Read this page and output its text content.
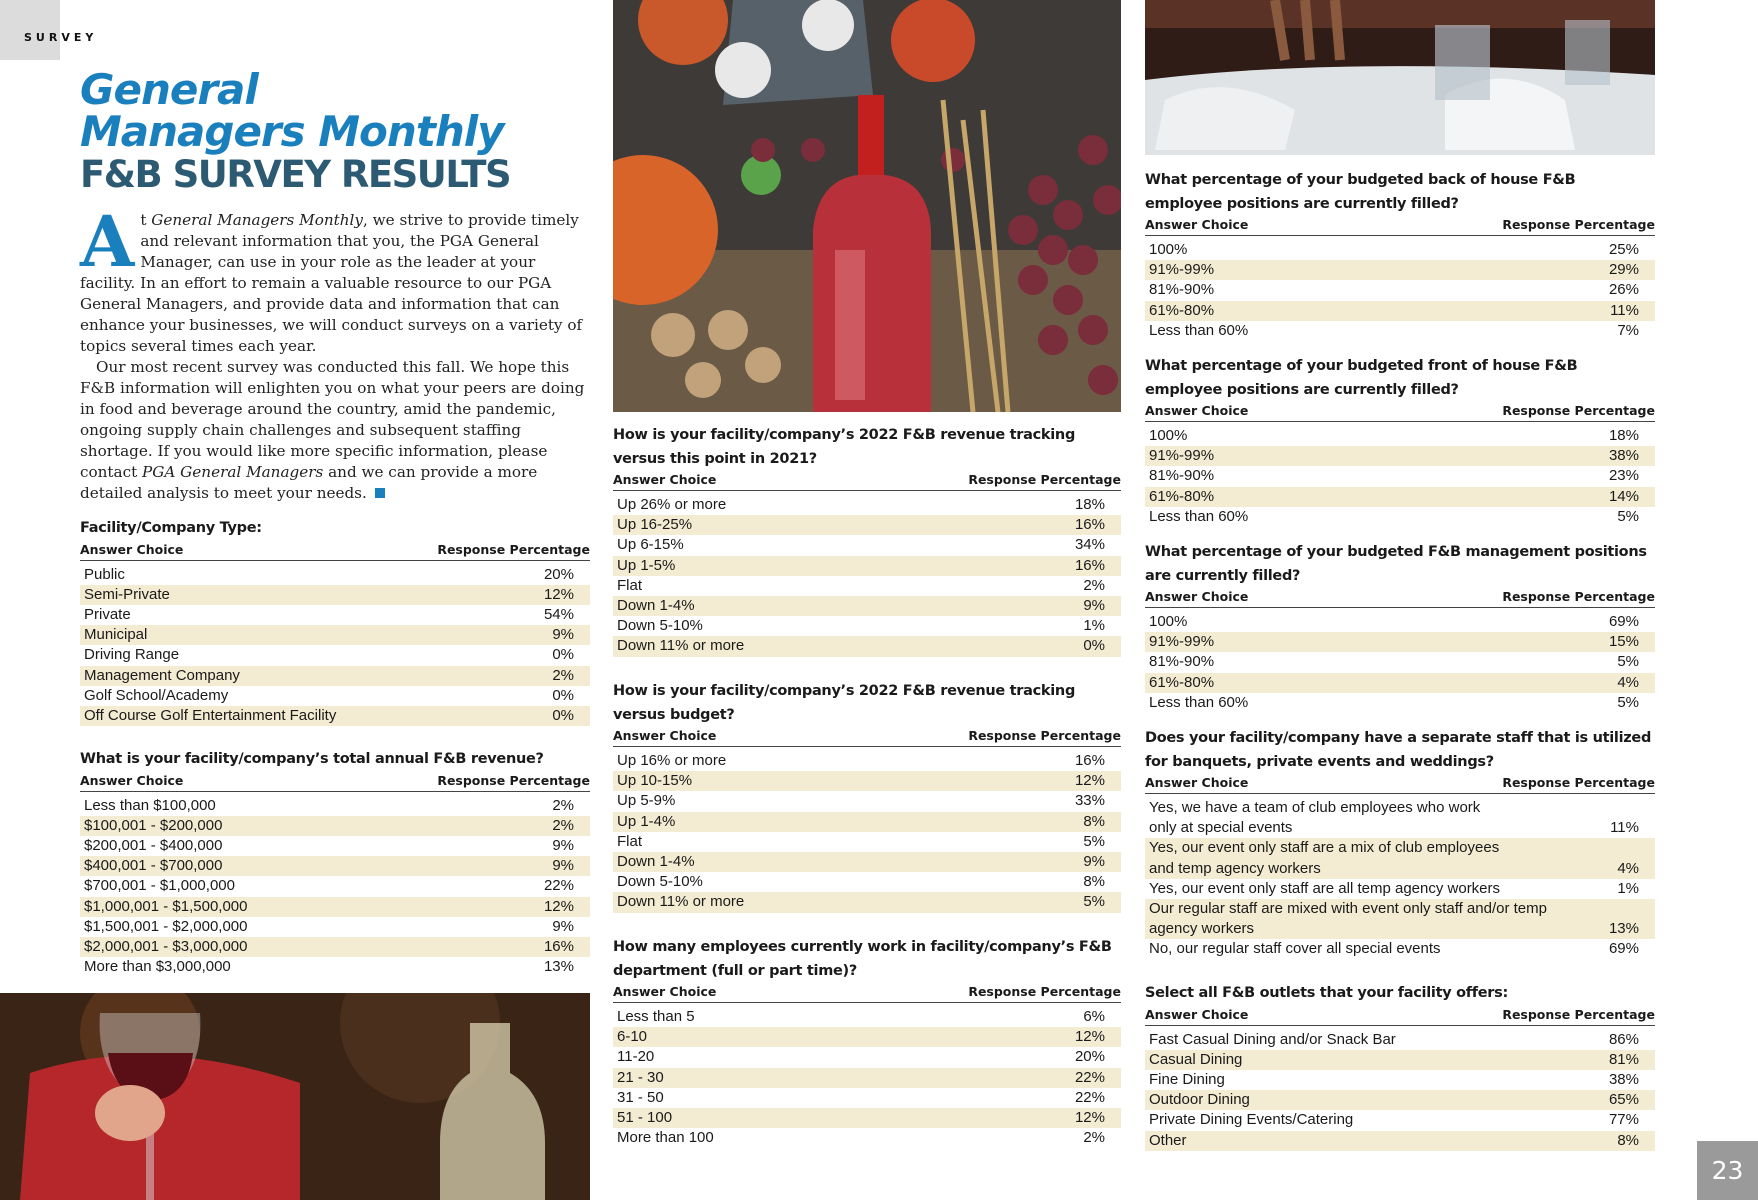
SURVEY
General
Managers Monthly
F&B SURVEY RESULTS

At General Managers Monthly, we strive to provide timely and relevant information that you, the PGA General Manager, can use in your role as the leader at your facility. In an effort to remain a valuable resource to our PGA General Managers, and provide data and information that can enhance your businesses, we will conduct surveys on a variety of topics several times each year.

Our most recent survey was conducted this fall. We hope this F&B information will enlighten you on what your peers are doing in food and beverage around the country, amid the pandemic, ongoing supply chain challenges and subsequent staffing shortage. If you would like more specific information, please contact PGA General Managers and we can provide a more detailed analysis to meet your needs.

Facility/Company Type:
Answer Choice	Response Percentage
Public	20%
Semi-Private	12%
Private	54%
Municipal	9%
Driving Range	0%
Management Company	2%
Golf School/Academy	0%
Off Course Golf Entertainment Facility	0%
What is your facility/company’s total annual F&B revenue?
Answer Choice	Response Percentage
Less than $100,000	2%
$100,001 - $200,000	2%
$200,001 - $400,000	9%
$400,001 - $700,000	9%
$700,001 - $1,000,000	22%
$1,000,001 - $1,500,000	12%
$1,500,001 - $2,000,000	9%
$2,000,001 - $3,000,000	16%
More than $3,000,000	13%
How is your facility/company’s 2022 F&B revenue tracking versus this point in 2021?
Answer Choice	Response Percentage
Up 26% or more	18%
Up 16-25%	16%
Up 6-15%	34%
Up 1-5%	16%
Flat	2%
Down 1-4%	9%
Down 5-10%	1%
Down 11% or more	0%
How is your facility/company’s 2022 F&B revenue tracking versus budget?
Answer Choice	Response Percentage
Up 16% or more	16%
Up 10-15%	12%
Up 5-9%	33%
Up 1-4%	8%
Flat	5%
Down 1-4%	9%
Down 5-10%	8%
Down 11% or more	5%
How many employees currently work in facility/company’s F&B department (full or part time)?
Answer Choice	Response Percentage
Less than 5	6%
6-10	12%
11-20	20%
21 - 30	22%
31 - 50	22%
51 - 100	12%
More than 100	2%
What percentage of your budgeted back of house F&B employee positions are currently filled?
Answer Choice	Response Percentage
100%	25%
91%-99%	29%
81%-90%	26%
61%-80%	11%
Less than 60%	7%
What percentage of your budgeted front of house F&B employee positions are currently filled?
Answer Choice	Response Percentage
100%	18%
91%-99%	38%
81%-90%	23%
61%-80%	14%
Less than 60%	5%
What percentage of your budgeted F&B management positions are currently filled?
Answer Choice	Response Percentage
100%	69%
91%-99%	15%
81%-90%	5%
61%-80%	4%
Less than 60%	5%
Does your facility/company have a separate staff that is utilized for banquets, private events and weddings?
Answer Choice	Response Percentage
Yes, we have a team of club employees who work
only at special events	11%
Yes, our event only staff are a mix of club employees
and temp agency workers	4%
Yes, our event only staff are all temp agency workers	1%
Our regular staff are mixed with event only staff and/or temp
agency workers	13%
No, our regular staff cover all special events	69%
Select all F&B outlets that your facility offers:
Answer Choice	Response Percentage
Fast Casual Dining and/or Snack Bar	86%
Casual Dining	81%
Fine Dining	38%
Outdoor Dining	65%
Private Dining Events/Catering	77%
Other	8%
23
